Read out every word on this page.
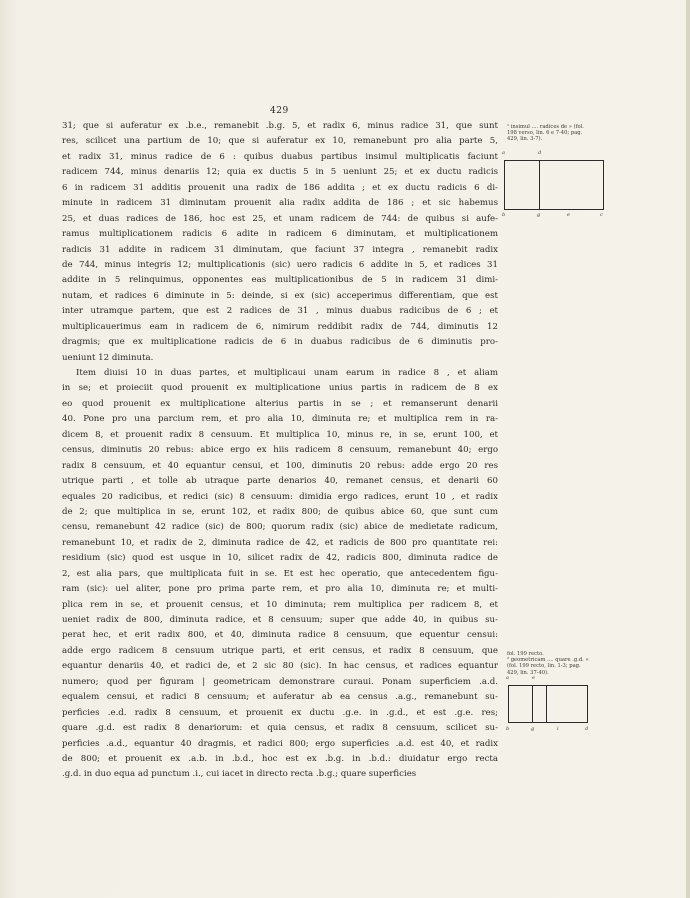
429
31; que si auferatur ex .b.e., remanebit .b.g. 5, et radix 6, minus radice 31, que sunt
res, scilicet una partium de 10; que si auferatur ex 10, remanebunt pro alia parte 5,
et radix 31, minus radice de 6 : quibus duabus partibus insimul multiplicatis faciunt
radicem 744, minus denariis 12; quia ex ductis 5 in 5 ueniunt 25; et ex ductu radicis
6 in radicem 31 additis prouenit una radix de 186 addita ; et ex ductu radicis 6 di-
minute in radicem 31 diminutam prouenit alia radix addita de 186 ; et sic habemus
25, et duas radices de 186, hoc est 25, et unam radicem de 744: de quibus si aufe-
ramus multiplicationem radicis 6 adite in radicem 6 diminutam, et multiplicationem
radicis 31 addite in radicem 31 diminutam, que faciunt 37 integra , remanebit radix
de 744, minus integris 12; multiplicationis (sic) uero radicis 6 addite in 5, et radices 31
addite in 5 relinquimus, opponentes eas multiplicationibus de 5 in radicem 31 dimi-
nutam, et radices 6 diminute in 5: deinde, si ex (sic) acceperimus differentiam, que est
inter utramque partem, que est 2 radices de 31 , minus duabus radicibus de 6 ; et
multiplicauerimus eam in radicem de 6, nimirum reddibit radix de 744, diminutis 12
dragmis; que ex multiplicatione radicis de 6 in duabus radicibus de 6 diminutis pro-
ueniunt 12 diminuta.
Item diuisi 10 in duas partes, et multiplicaui unam earum in radice 8 , et aliam
in se; et proieciit quod prouenit ex multiplicatione unius partis in radicem de 8 ex
eo quod prouenit ex multiplicatione alterius partis in se ; et remanserunt denarii
40. Pone pro una parcium rem, et pro alia 10, diminuta re; et multiplica rem in ra-
dicem 8, et prouenit radix 8 censuum. Et multiplica 10, minus re, in se, erunt 100, et
census, diminutis 20 rebus: abice ergo ex hiis radicem 8 censuum, remanebunt 40; ergo
radix 8 censuum, et 40 equantur censui, et 100, diminutis 20 rebus: adde ergo 20 res
utrique parti , et tolle ab utraque parte denarios 40, remanet census, et denarii 60
equales 20 radicibus, et redici (sic) 8 censuum: dimidia ergo radices, erunt 10 , et radix
de 2; que multiplica in se, erunt 102, et radix 800; de quibus abice 60, que sunt cum
censu, remanebunt 42 radice (sic) de 800; quorum radix (sic) abice de medietate radicum,
remanebunt 10, et radix de 2, diminuta radice de 42, et radicis de 800 pro quantitate rei:
residium (sic) quod est usque in 10, silicet radix de 42, radicis 800, diminuta radice de
2, est alia pars, que multiplicata fuit in se. Et est hec operatio, que antecedentem figu-
ram (sic): uel aliter, pone pro prima parte rem, et pro alia 10, diminuta re; et multi-
plica rem in se, et prouenit census, et 10 diminuta; rem multiplica per radicem 8, et
ueniet radix de 800, diminuta radice, et 8 censuum; super que adde 40, in quibus su-
perat hec, et erit radix 800, et 40, diminuta radice 8 censuum, que equentur censui:
adde ergo radicem 8 censuum utrique parti, et erit census, et radix 8 censuum, que
equantur denariis 40, et radici de, et 2 sic 80 (sic). In hac census, et radices equantur
numero; quod per figuram | geometricam demonstrare curaui. Ponam superficiem .a.d.
equalem censui, et radici 8 censuum; et auferatur ab ea census .a.g., remanebunt su-
perficies .e.d. radix 8 censuum, et prouenit ex ductu .g.e. in .g.d., et est .g.e. res;
quare .g.d. est radix 8 denariorum: et quia census, et radix 8 censuum, scilicet su-
perficies .a.d., equantur 40 dragmis, et radici 800; ergo superficies .a.d. est 40, et radix
de 800; et prouenit ex .a.b. in .b.d., hoc est ex .b.g. in .b.d.: diuidatur ergo recta
.g.d. in duo equa ad punctum .i., cui iacet in directo recta .b.g.; quare superficies
¹ insimul .... radices de » (fol.
198 verso, lin. 6 e 7-40; pag.
429, lin. 3-7).
a	d
b	g	e	c
fol. 199 recto.
² geometricam .... quare .g.d. »
(fol. 199 recto, lin. 1-3; pag.
429, lin. 37-40).
a	e
b	g	i	d
